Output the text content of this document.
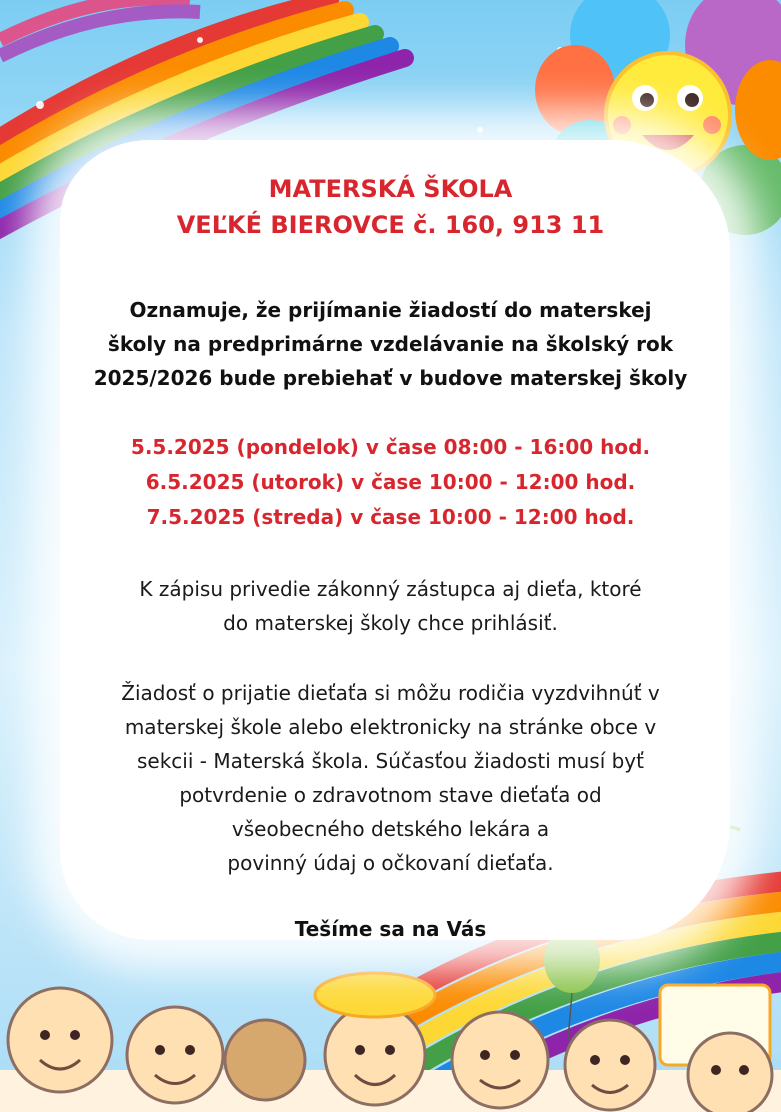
MATERSKÁ ŠKOLA
VEĽKÉ BIEROVCE č. 160, 913 11
Oznamuje, že prijímanie žiadostí do materskej
školy na predprimárne vzdelávanie na školský rok
2025/2026 bude prebiehať v budove materskej školy
5.5.2025 (pondelok) v čase 08:00 - 16:00 hod.
6.5.2025 (utorok) v čase 10:00 - 12:00 hod.
7.5.2025 (streda) v čase 10:00 - 12:00 hod.
K zápisu privedie zákonný zástupca aj dieťa, ktoré
do materskej školy chce prihlásiť.
Žiadosť o prijatie dieťaťa si môžu rodičia vyzdvihnúť v
materskej škole alebo elektronicky na stránke obce v
sekcii - Materská škola. Súčasťou žiadosti musí byť
potvrdenie o zdravotnom stave dieťaťa od
všeobecného detského lekára a
povinný údaj o očkovaní dieťaťa.
Tešíme sa na Vás
